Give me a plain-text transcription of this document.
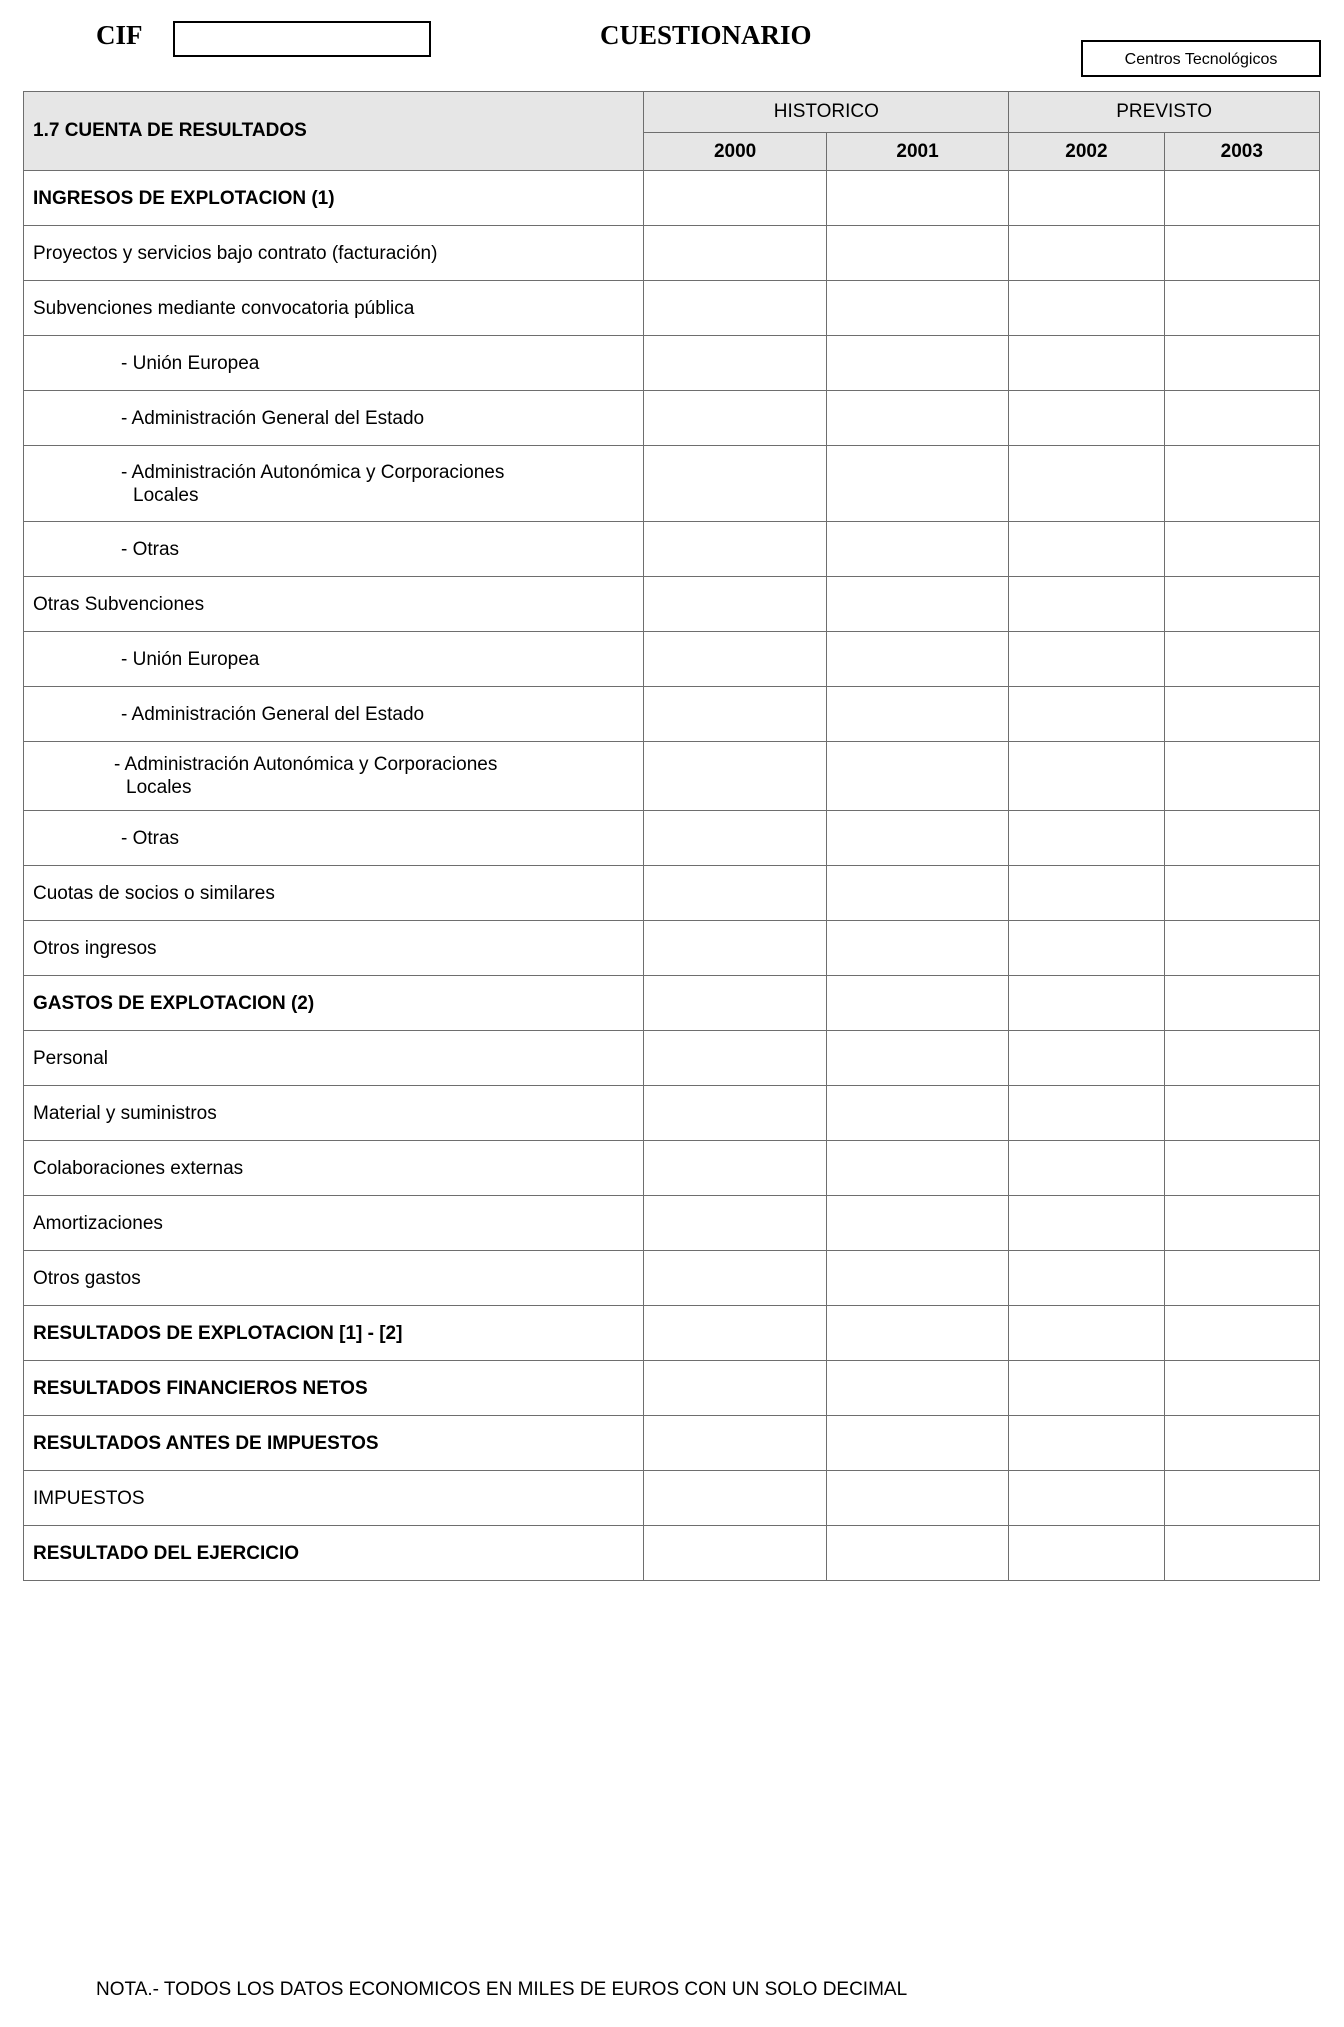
CIF	CUESTIONARIO
Centros Tecnológicos
1.7 CUENTA DE RESULTADOS	HISTORICO		PREVISTO	
	2000	2001	2002	2003
INGRESOS DE EXPLOTACION (1)				
Proyectos y servicios bajo contrato (facturación)				
Subvenciones mediante convocatoria pública				
- Unión Europea				
- Administración General del Estado				
- Administración Autonómica y Corporaciones
Locales				

- Otras				
Otras Subvenciones				
- Unión Europea				
- Administración General del Estado				
- Administración Autonómica y Corporaciones
Locales				

- Otras				
Cuotas de socios o similares				
Otros ingresos				
GASTOS DE EXPLOTACION (2)				
Personal				
Material y suministros				
Colaboraciones externas				
Amortizaciones				
Otros gastos				
RESULTADOS DE EXPLOTACION [1] - [2]				
RESULTADOS FINANCIEROS NETOS				
RESULTADOS ANTES DE IMPUESTOS				
IMPUESTOS				
RESULTADO DEL EJERCICIO				
NOTA.- TODOS LOS DATOS ECONOMICOS EN MILES DE EUROS CON UN SOLO DECIMAL
